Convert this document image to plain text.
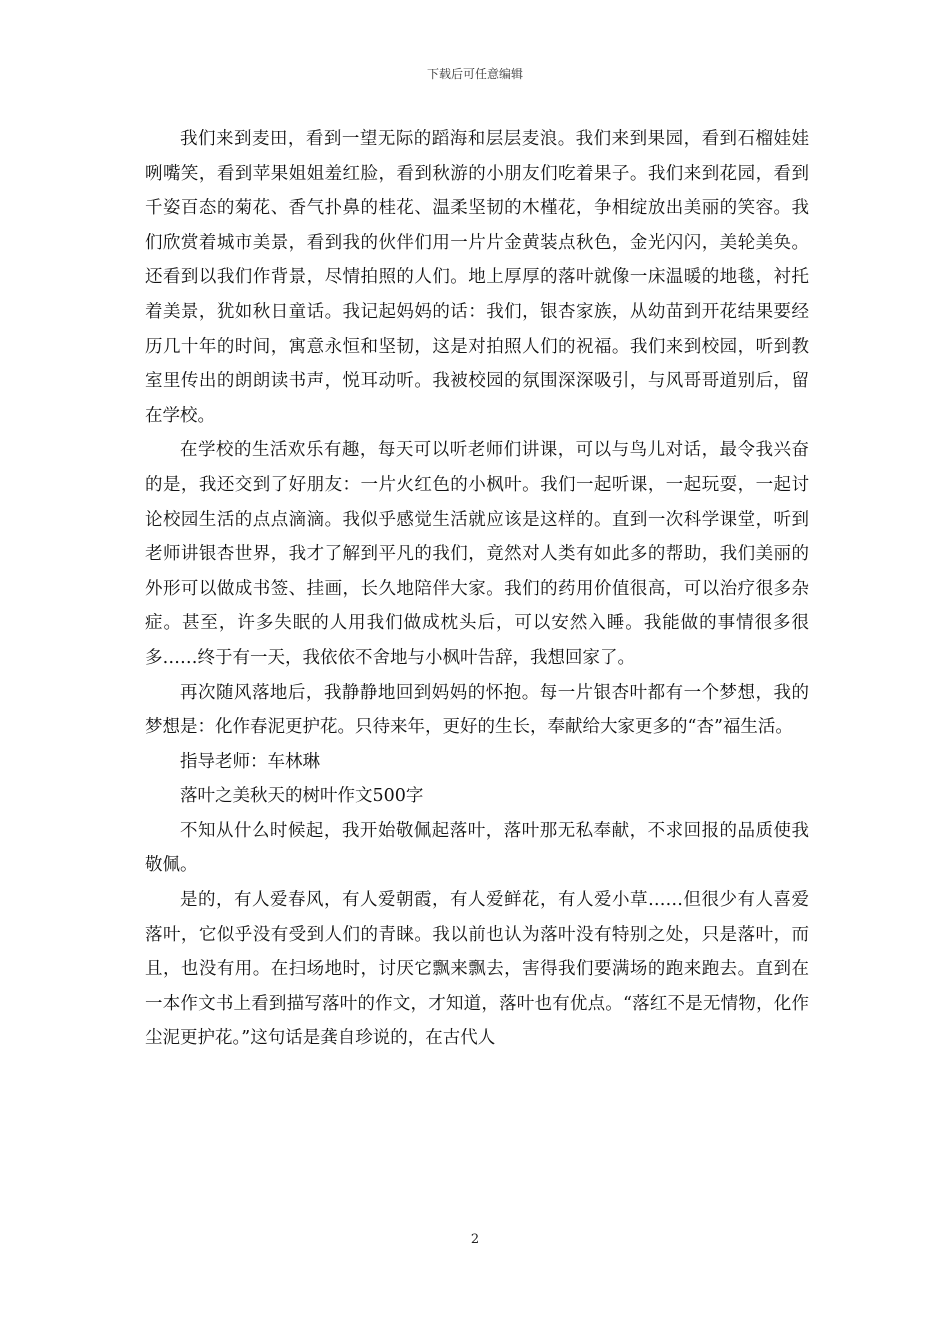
下载后可任意编辑

我们来到麦田，看到一望无际的蹈海和层层麦浪。我们来到果园，看到石榴娃娃咧嘴笑，看到苹果姐姐羞红脸，看到秋游的小朋友们吃着果子。我们来到花园，看到千姿百态的菊花、香气扑鼻的桂花、温柔坚韧的木槿花，争相绽放出美丽的笑容。我们欣赏着城市美景，看到我的伙伴们用一片片金黄装点秋色，金光闪闪，美轮美奂。还看到以我们作背景，尽情拍照的人们。地上厚厚的落叶就像一床温暖的地毯，衬托着美景，犹如秋日童话。我记起妈妈的话：我们，银杏家族，从幼苗到开花结果要经历几十年的时间，寓意永恒和坚韧，这是对拍照人们的祝福。我们来到校园，听到教室里传出的朗朗读书声，悦耳动听。我被校园的氛围深深吸引，与风哥哥道别后，留在学校。

在学校的生活欢乐有趣，每天可以听老师们讲课，可以与鸟儿对话，最令我兴奋的是，我还交到了好朋友：一片火红色的小枫叶。我们一起听课，一起玩耍，一起讨论校园生活的点点滴滴。我似乎感觉生活就应该是这样的。直到一次科学课堂，听到老师讲银杏世界，我才了解到平凡的我们，竟然对人类有如此多的帮助，我们美丽的外形可以做成书签、挂画，长久地陪伴大家。我们的药用价值很高，可以治疗很多杂症。甚至，许多失眠的人用我们做成枕头后，可以安然入睡。我能做的事情很多很多……终于有一天，我依依不舍地与小枫叶告辞，我想回家了。

再次随风落地后，我静静地回到妈妈的怀抱。每一片银杏叶都有一个梦想，我的梦想是：化作春泥更护花。只待来年，更好的生长，奉献给大家更多的“杏”福生活。

指导老师：车林琳

落叶之美秋天的树叶作文500字

不知从什么时候起，我开始敬佩起落叶，落叶那无私奉献，不求回报的品质使我敬佩。

是的，有人爱春风，有人爱朝霞，有人爱鲜花，有人爱小草……但很少有人喜爱落叶，它似乎没有受到人们的青睐。我以前也认为落叶没有特别之处，只是落叶，而且，也没有用。在扫场地时，讨厌它飘来飘去，害得我们要满场的跑来跑去。直到在一本作文书上看到描写落叶的作文，才知道，落叶也有优点。“落红不是无情物，化作尘泥更护花。”这句话是龚自珍说的，在古代人

2
